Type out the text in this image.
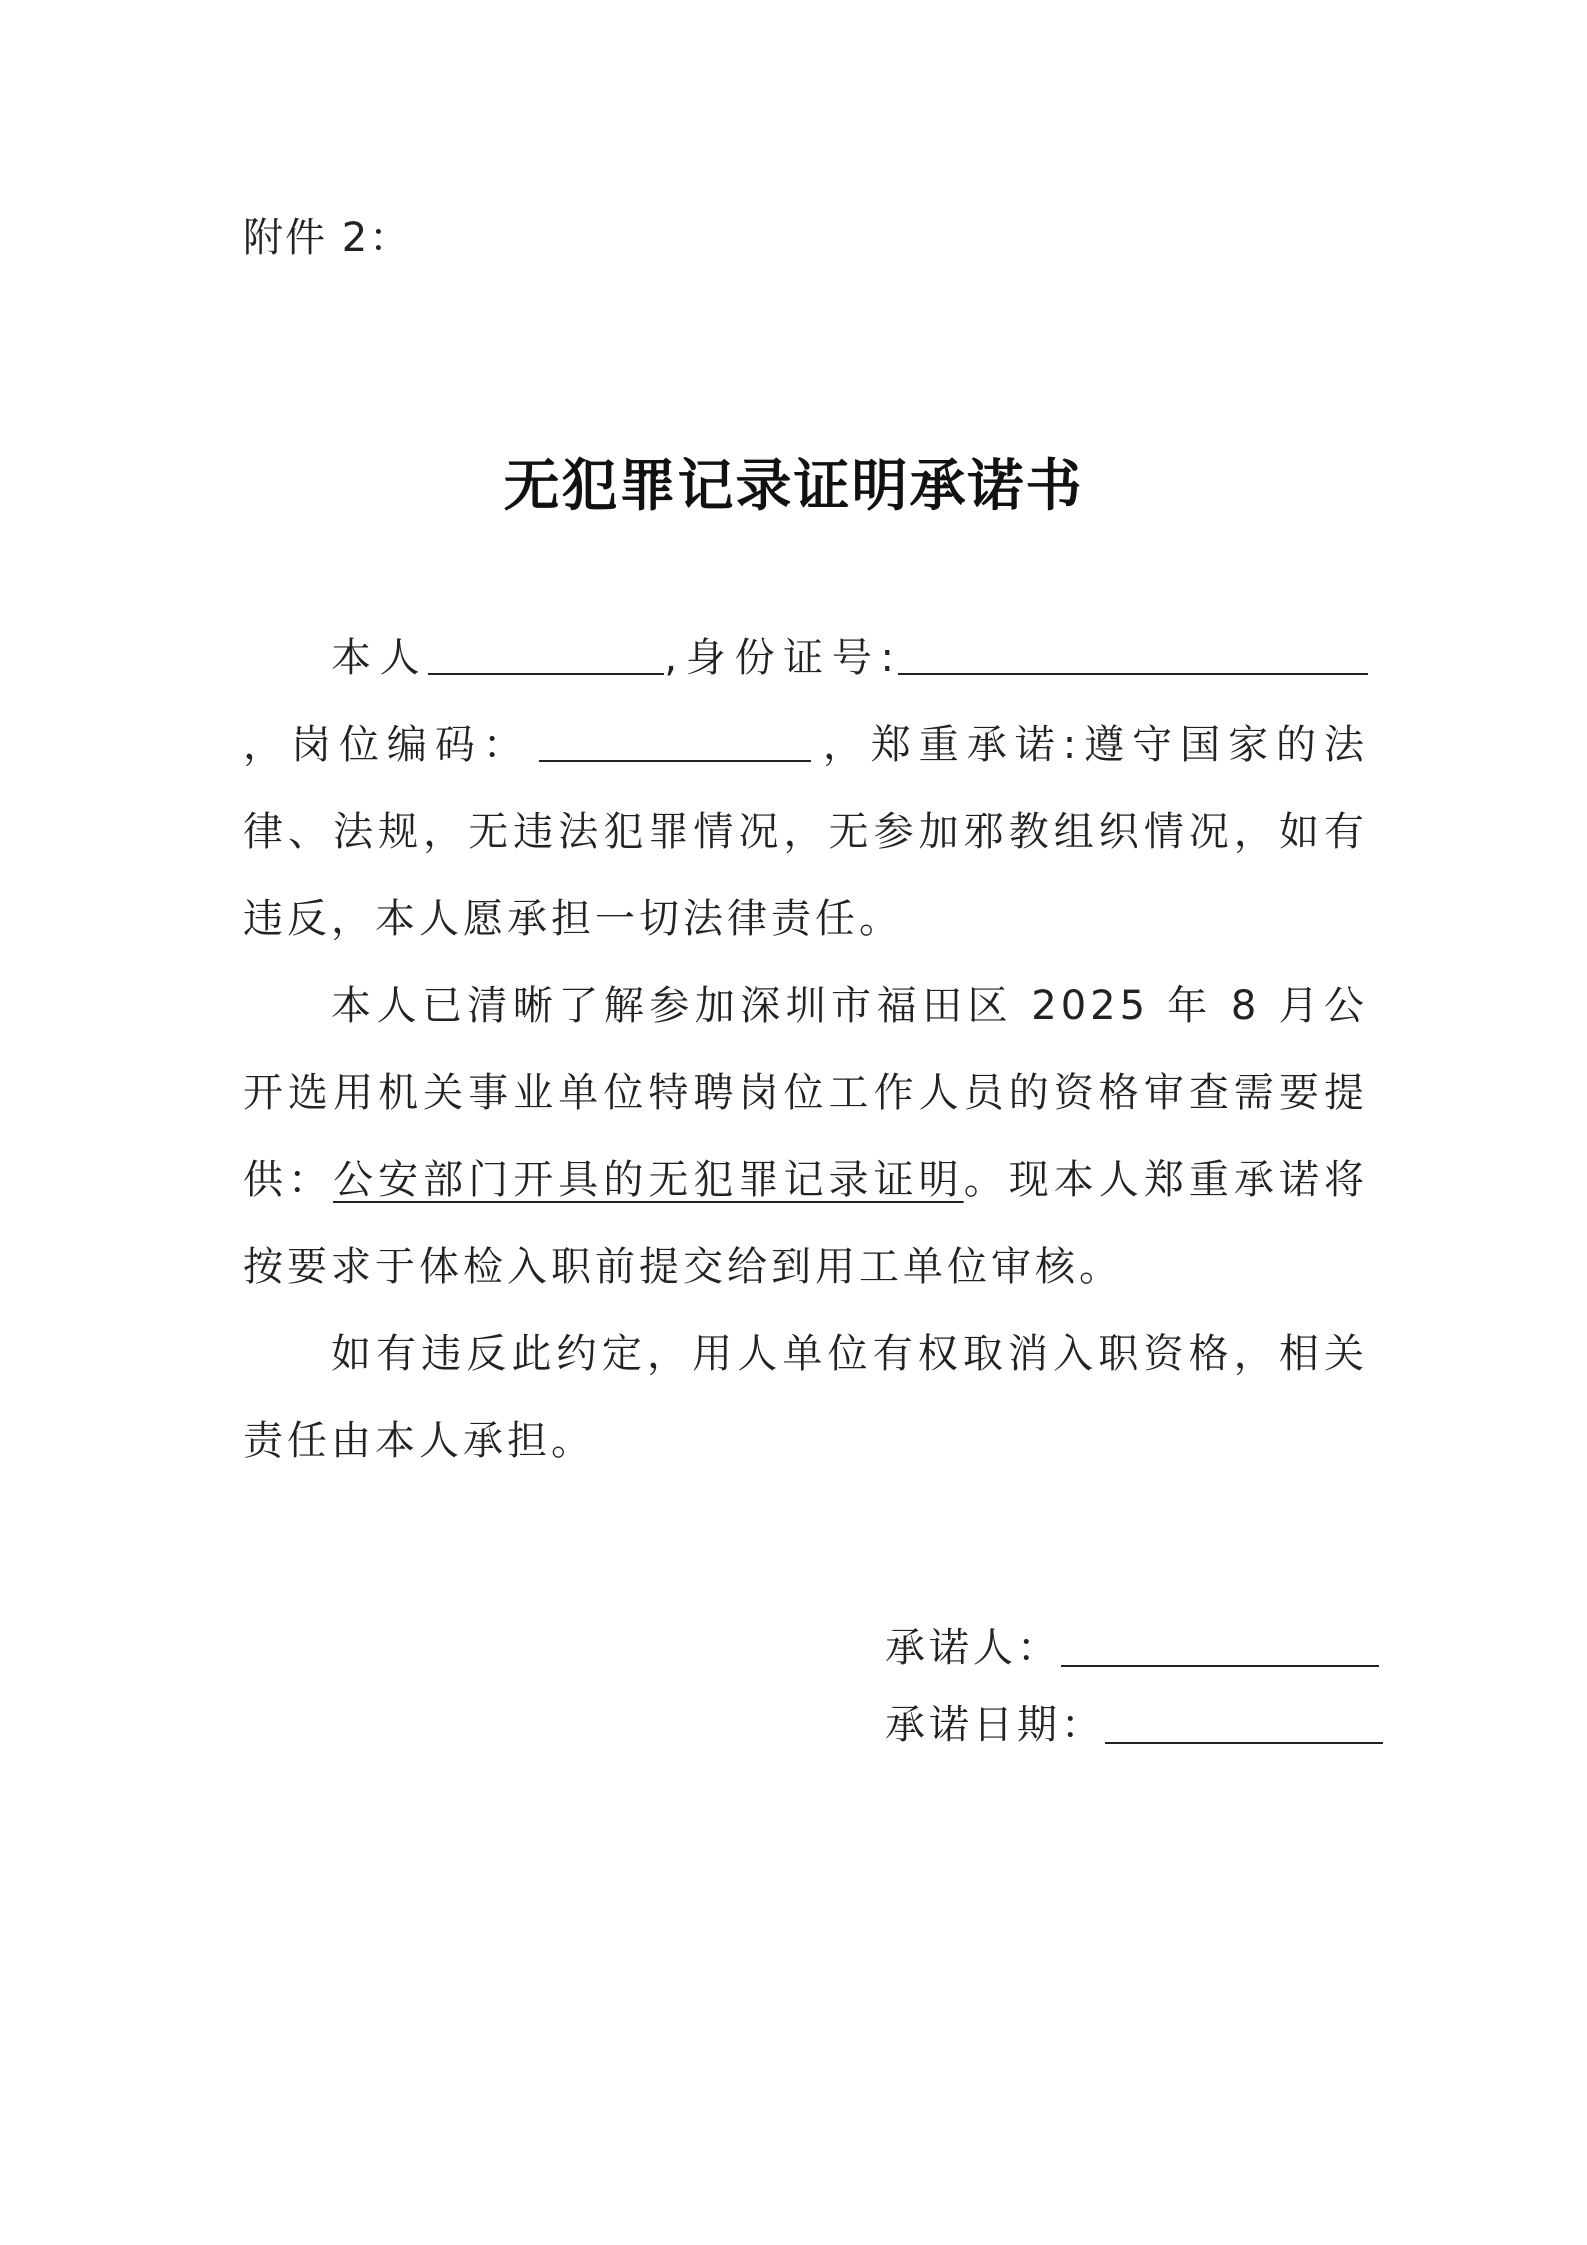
附件 2：
无犯罪记录证明承诺书

本人	,身份证号:，岗位编码：	，郑重承诺:遵守国家的法律、法规，无违法犯罪情况，无参加邪教组织情况，如有违反，本人愿承担一切法律责任。

本人已清晰了解参加深圳市福田区 2025 年 8 月公开选用机关事业单位特聘岗位工作人员的资格审查需要提供：公安部门开具的无犯罪记录证明。现本人郑重承诺将按要求于体检入职前提交给到用工单位审核。

如有违反此约定，用人单位有权取消入职资格，相关责任由本人承担。

承诺人：
承诺日期：
